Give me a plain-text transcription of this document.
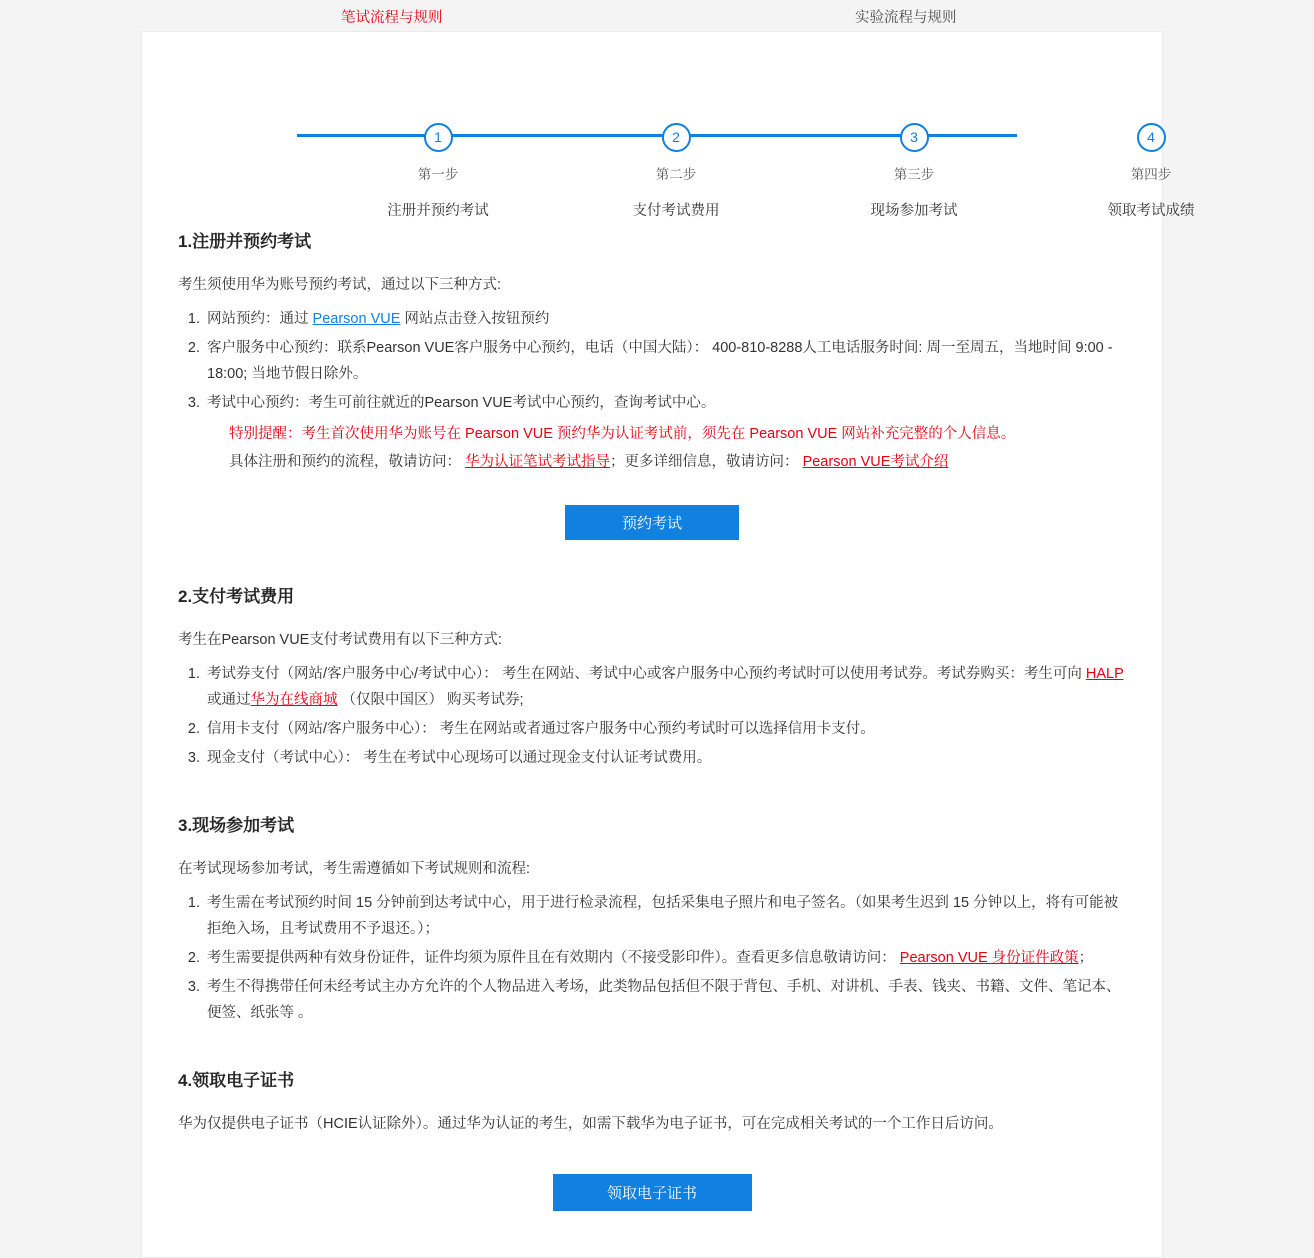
笔试流程与规则	实验流程与规则
1
第一步
注册并预约考试
2
第二步
支付考试费用
3
第三步
现场参加考试
4
第四步
领取考试成绩
1.注册并预约考试

考生须使用华为账号预约考试，通过以下三种方式:

1. 网站预约：通过 Pearson VUE 网站点击登入按钮预约
2. 客户服务中心预约：联系Pearson VUE客户服务中心预约，电话（中国大陆）： 400-810-8288人工电话服务时间: 周一至周五，当地时间 9:00 - 18:00; 当地节假日除外。
3. 考试中心预约：考生可前往就近的Pearson VUE考试中心预约，查询考试中心。
特别提醒：考生首次使用华为账号在 Pearson VUE 预约华为认证考试前，须先在 Pearson VUE 网站补充完整的个人信息。
具体注册和预约的流程，敬请访问： 华为认证笔试考试指导；更多详细信息，敬请访问： Pearson VUE考试介绍
预约考试
2.支付考试费用

考生在Pearson VUE支付考试费用有以下三种方式:

1. 考试券支付（网站/客户服务中心/考试中心）： 考生在网站、考试中心或客户服务中心预约考试时可以使用考试券。考试券购买：考生可向 HALP 或通过华为在线商城 （仅限中国区） 购买考试券;
2. 信用卡支付（网站/客户服务中心）： 考生在网站或者通过客户服务中心预约考试时可以选择信用卡支付。
3. 现金支付（考试中心）： 考生在考试中心现场可以通过现金支付认证考试费用。
3.现场参加考试

在考试现场参加考试，考生需遵循如下考试规则和流程:

1. 考生需在考试预约时间 15 分钟前到达考试中心，用于进行检录流程，包括采集电子照片和电子签名。（如果考生迟到 15 分钟以上，将有可能被拒绝入场，且考试费用不予退还。）；
2. 考生需要提供两种有效身份证件，证件均须为原件且在有效期内（不接受影印件）。查看更多信息敬请访问： Pearson VUE 身份证件政策；
3. 考生不得携带任何未经考试主办方允许的个人物品进入考场，此类物品包括但不限于背包、手机、对讲机、手表、钱夹、书籍、文件、笔记本、便签、纸张等 。
4.领取电子证书

华为仅提供电子证书（HCIE认证除外）。通过华为认证的考生，如需下载华为电子证书，可在完成相关考试的一个工作日后访问。

领取电子证书
